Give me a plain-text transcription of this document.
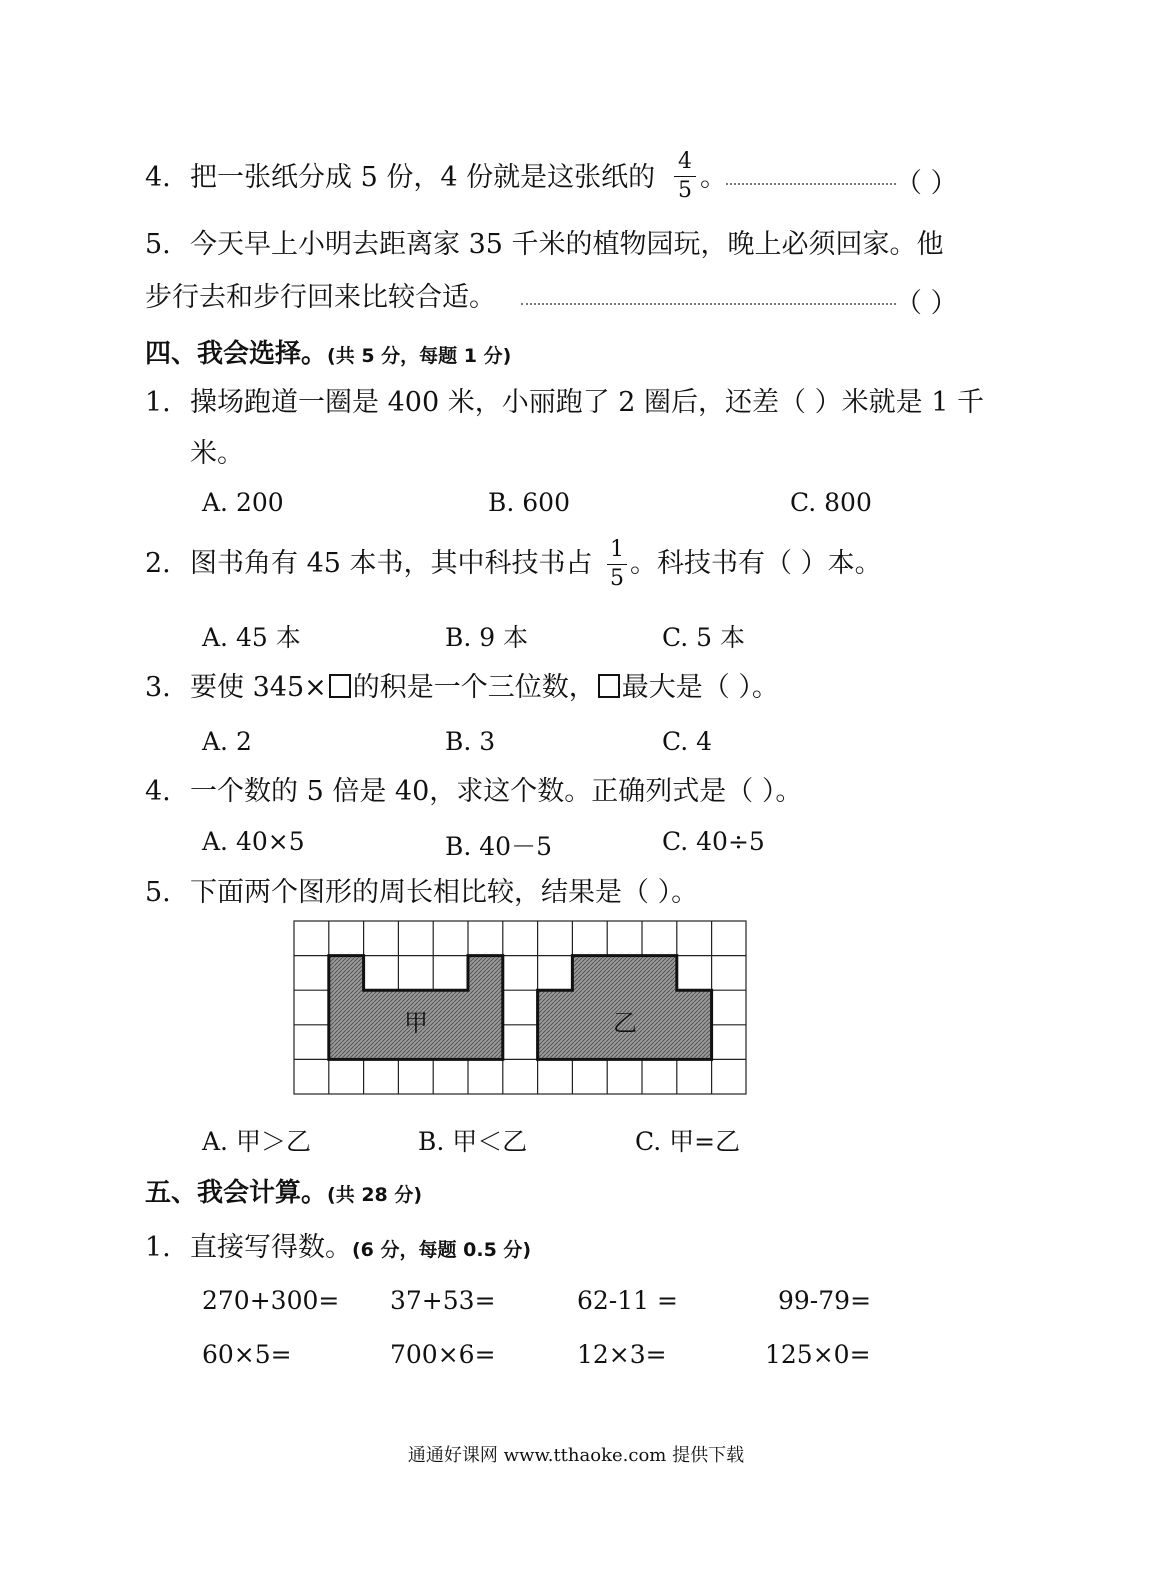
4. 把一张纸分成 5 份，4 份就是这张纸的
4
5 。	（ ）
5. 今天早上小明去距离家 35 千米的植物园玩，晚上必须回家。他
步行去和步行回来比较合适。	（ ）
四、我会选择。(共 5 分，每题 1 分)
1. 操场跑道一圈是 400 米，小丽跑了 2 圈后，还差（ ）米就是 1 千
米。
A. 200	B. 600	C. 800
2. 图书角有 45 本书，其中科技书占 1
5 。科技书有（ ）本。
A. 45 本	B. 9 本	C. 5 本
3. 要使 345× 的积是一个三位数， 最大是（ ）。
A. 2	B. 3	C. 4
4. 一个数的 5 倍是 40，求这个数。正确列式是（ ）。
A. 40×5	B. 40－5	C. 40÷5
5. 下面两个图形的周长相比较，结果是（ ）。
甲	乙
A. 甲＞乙	B. 甲＜乙	C. 甲=乙
五、我会计算。(共 28 分)
1. 直接写得数。(6 分，每题 0.5 分)
270+300= 37+53=	62-11 =	99-79=
60×5=	700×6=	12×3=	125×0=
通通好课网 www.tthaoke.com 提供下载
